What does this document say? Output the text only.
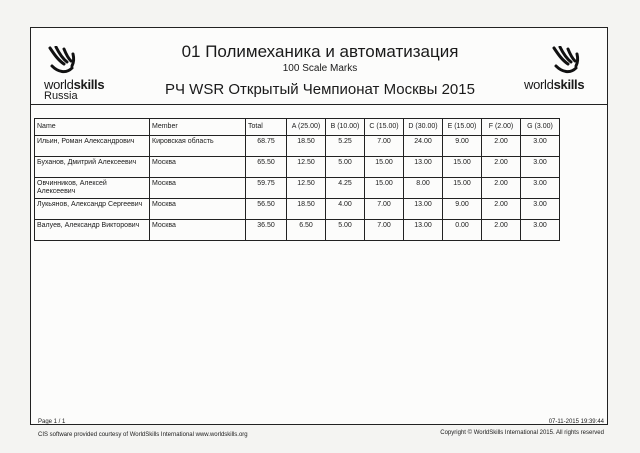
worldskills
Russia
worldskills
01 Полимеханика и автоматизация
100 Scale Marks
РЧ WSR Открытый Чемпионат Москвы 2015
Name	Member	Total	A (25.00)	B (10.00)	C (15.00)	D (30.00)	E (15.00)	F (2.00)	G (3.00)
Ильин, Роман Александрович	Кировская область	68.75	18.50	5.25	7.00	24.00	9.00	2.00	3.00
Буханов, Дмитрий Алексеевич	Москва	65.50	12.50	5.00	15.00	13.00	15.00	2.00	3.00
Овчинников, Алексей Алексеевич	Москва	59.75	12.50	4.25	15.00	8.00	15.00	2.00	3.00
Лукьянов, Александр Сергеевич	Москва	56.50	18.50	4.00	7.00	13.00	9.00	2.00	3.00
Валуев, Александр Викторович	Москва	36.50	6.50	5.00	7.00	13.00	0.00	2.00	3.00
Page 1 / 1	07-11-2015 19:39:44
CIS software provided courtesy of WorldSkills International www.worldskills.org	Copyright © WorldSkills International 2015. All rights reserved
